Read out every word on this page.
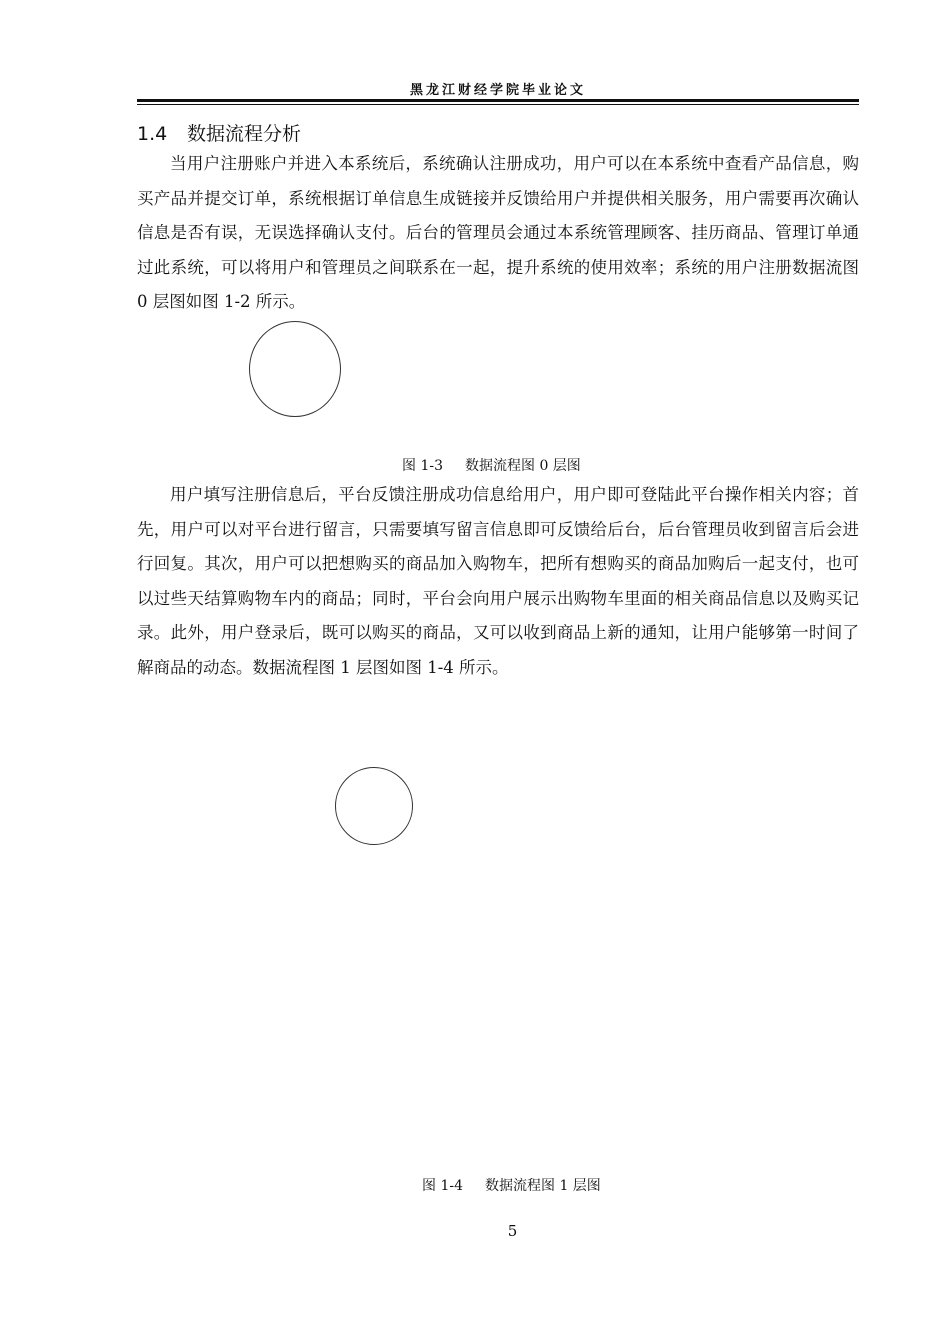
黑龙江财经学院毕业论文
1.4 数据流程分析

当用户注册账户并进入本系统后，系统确认注册成功，用户可以在本系统中查看产品信息，购买产品并提交订单，系统根据订单信息生成链接并反馈给用户并提供相关服务，用户需要再次确认信息是否有误，无误选择确认支付。后台的管理员会通过本系统管理顾客、挂历商品、管理订单通过此系统，可以将用户和管理员之间联系在一起，提升系统的使用效率；系统的用户注册数据流图 0 层图如图 1-2 所示。

图 1-3 数据流程图 0 层图

用户填写注册信息后，平台反馈注册成功信息给用户，用户即可登陆此平台操作相关内容；首先，用户可以对平台进行留言，只需要填写留言信息即可反馈给后台，后台管理员收到留言后会进行回复。其次，用户可以把想购买的商品加入购物车，把所有想购买的商品加购后一起支付，也可以过些天结算购物车内的商品；同时，平台会向用户展示出购物车里面的相关商品信息以及购买记录。此外，用户登录后，既可以购买的商品，又可以收到商品上新的通知，让用户能够第一时间了解商品的动态。数据流程图 1 层图如图 1-4 所示。

图 1-4 数据流程图 1 层图
5
